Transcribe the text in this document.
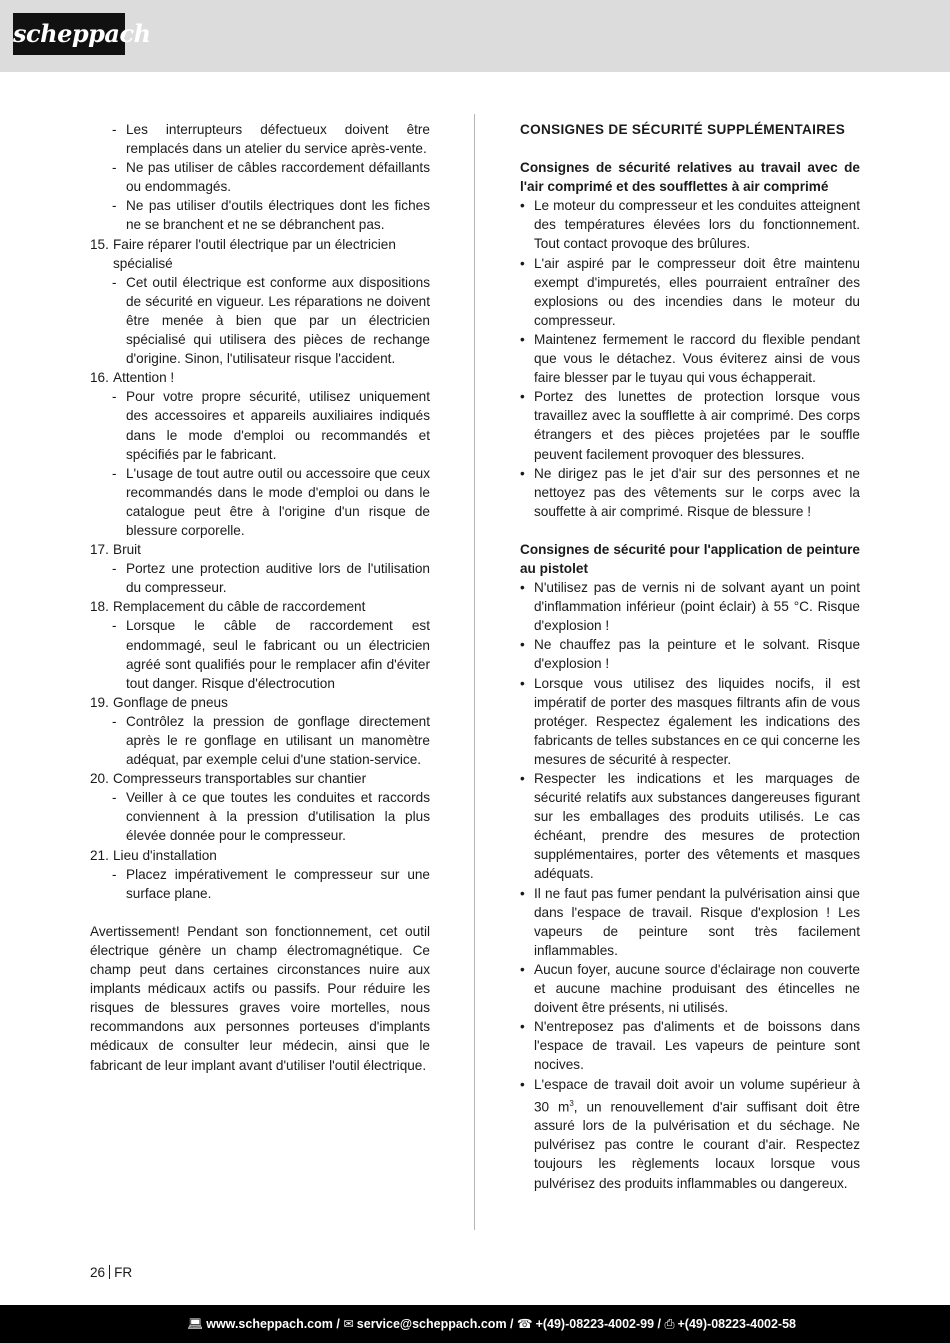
scheppach
- Les interrupteurs défectueux doivent être remplacés dans un atelier du service après-vente.
- Ne pas utiliser de câbles raccordement défaillants ou endommagés.
- Ne pas utiliser d'outils électriques dont les fiches ne se branchent et ne se débranchent pas.
15. Faire réparer l'outil électrique par un électricien spécialisé
- Cet outil électrique est conforme aux dispositions de sécurité en vigueur. Les réparations ne doivent être menée à bien que par un électricien spécialisé qui utilisera des pièces de rechange d'origine. Sinon, l'utilisateur risque l'accident.
16. Attention !
- Pour votre propre sécurité, utilisez uniquement des accessoires et appareils auxiliaires indiqués dans le mode d'emploi ou recommandés et spécifiés par le fabricant.
- L'usage de tout autre outil ou accessoire que ceux recommandés dans le mode d'emploi ou dans le catalogue peut être à l'origine d'un risque de blessure corporelle.
17. Bruit
- Portez une protection auditive lors de l'utilisation du compresseur.
18. Remplacement du câble de raccordement
- Lorsque le câble de raccordement est endommagé, seul le fabricant ou un électricien agréé sont qualifiés pour le remplacer afin d'éviter tout danger. Risque d'électrocution
19. Gonflage de pneus
- Contrôlez la pression de gonflage directement après le re gonflage en utilisant un manomètre adéquat, par exemple celui d'une station-service.
20. Compresseurs transportables sur chantier
- Veiller à ce que toutes les conduites et raccords conviennent à la pression d'utilisation la plus élevée donnée pour le compresseur.
21. Lieu d'installation
- Placez impérativement le compresseur sur une surface plane.
Avertissement! Pendant son fonctionnement, cet outil électrique génère un champ électromagnétique. Ce champ peut dans certaines circonstances nuire aux implants médicaux actifs ou passifs. Pour réduire les risques de blessures graves voire mortelles, nous recommandons aux personnes porteuses d'implants médicaux de consulter leur médecin, ainsi que le fabricant de leur implant avant d'utiliser l'outil électrique.
CONSIGNES DE SÉCURITÉ SUPPLÉMENTAIRES
Consignes de sécurité relatives au travail avec de l'air comprimé et des soufflettes à air comprimé
• Le moteur du compresseur et les conduites atteignent des températures élevées lors du fonctionnement. Tout contact provoque des brûlures.
• L'air aspiré par le compresseur doit être maintenu exempt d'impuretés, elles pourraient entraîner des explosions ou des incendies dans le moteur du compresseur.
• Maintenez fermement le raccord du flexible pendant que vous le détachez. Vous éviterez ainsi de vous faire blesser par le tuyau qui vous échapperait.
• Portez des lunettes de protection lorsque vous travaillez avec la soufflette à air comprimé. Des corps étrangers et des pièces projetées par le souffle peuvent facilement provoquer des blessures.
• Ne dirigez pas le jet d'air sur des personnes et ne nettoyez pas des vêtements sur le corps avec la souffette à air comprimé. Risque de blessure !
Consignes de sécurité pour l'application de peinture au pistolet
• N'utilisez pas de vernis ni de solvant ayant un point d'inflammation inférieur (point éclair) à 55 °C. Risque d'explosion !
• Ne chauffez pas la peinture et le solvant. Risque d'explosion !
• Lorsque vous utilisez des liquides nocifs, il est impératif de porter des masques filtrants afin de vous protéger. Respectez également les indications des fabricants de telles substances en ce qui concerne les mesures de sécurité à respecter.
• Respecter les indications et les marquages de sécurité relatifs aux substances dangereuses figurant sur les emballages des produits utilisés. Le cas échéant, prendre des mesures de protection supplémentaires, porter des vêtements et masques adéquats.
• Il ne faut pas fumer pendant la pulvérisation ainsi que dans l'espace de travail. Risque d'explosion ! Les vapeurs de peinture sont très facilement inflammables.
• Aucun foyer, aucune source d'éclairage non couverte et aucune machine produisant des étincelles ne doivent être présents, ni utilisés.
• N'entreposez pas d'aliments et de boissons dans l'espace de travail. Les vapeurs de peinture sont nocives.
• L'espace de travail doit avoir un volume supérieur à 30 $m^3$, un renouvellement d'air suffisant doit être assuré lors de la pulvérisation et du séchage. Ne pulvérisez pas contre le courant d'air. Respectez toujours les règlements locaux lorsque vous pulvérisez des produits inflammables ou dangereux.
26 FR
💻︎ www.scheppach.com / ✉︎ service@scheppach.com / ☎︎ +(49)-08223-4002-99 / ⎙ +(49)-08223-4002-58
